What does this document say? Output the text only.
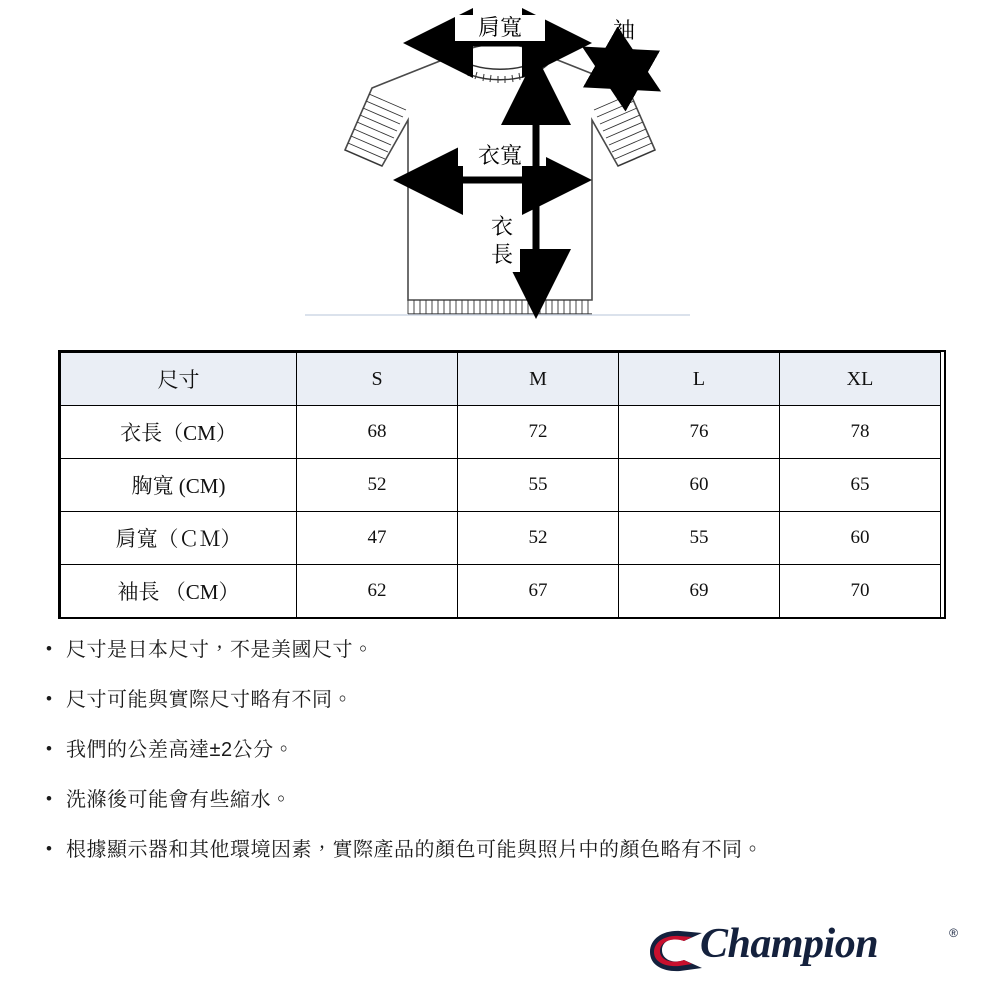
肩寬	袖
長
衣寬
衣
長
尺寸	S	M	L	XL
衣長（CM）	68	72	76	78
胸寬 (CM)	52	55	60	65
肩寬（ＣＭ）	47	52	55	60
袖長 （CM）	62	67	69	70
• 尺寸是日本尺寸，不是美國尺寸。
• 尺寸可能與實際尺寸略有不同。
• 我們的公差高達±2公分。
• 洗滌後可能會有些縮水。
• 根據顯示器和其他環境因素，實際產品的顏色可能與照片中的顏色略有不同。
Champion	®
